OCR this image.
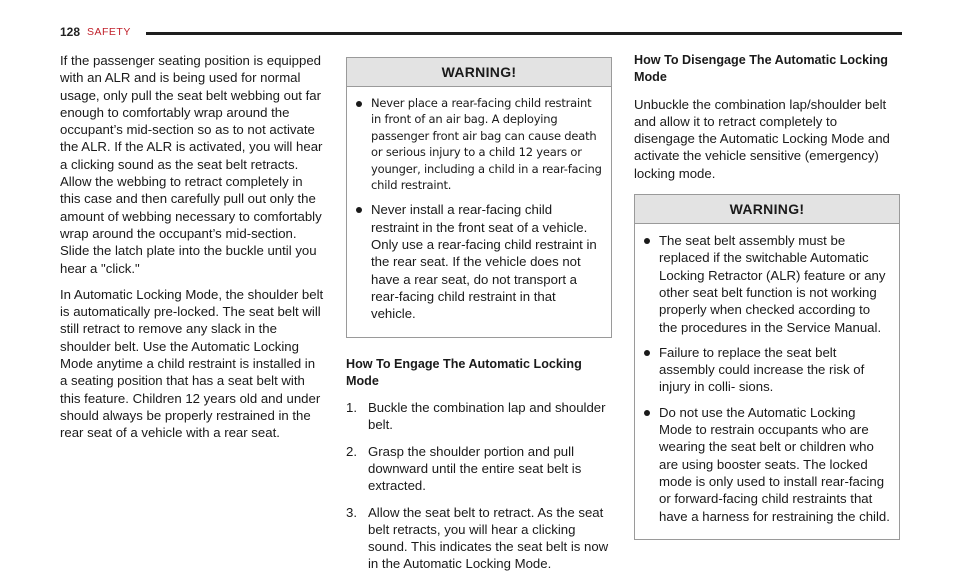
128 SAFETY

If the passenger seating position is equipped with an ALR and is being used for normal usage, only pull the seat belt webbing out far enough to comfortably wrap around the occupant’s mid-section so as to not activate the ALR. If the ALR is activated, you will hear a clicking sound as the seat belt retracts. Allow the webbing to retract completely in this case and then carefully pull out only the amount of webbing necessary to comfortably wrap around the occupant’s mid-section. Slide the latch plate into the buckle until you hear a "click."

In Automatic Locking Mode, the shoulder belt is automatically pre-locked. The seat belt will still retract to remove any slack in the shoulder belt. Use the Automatic Locking Mode anytime a child restraint is installed in a seating position that has a seat belt with this feature. Children 12 years old and under should always be properly restrained in the rear seat of a vehicle with a rear seat.

WARNING!
Never place a rear-facing child restraint in front of an air bag. A deploying passenger front air bag can cause death or serious injury to a child 12 years or younger, including a child in a rear-facing child restraint.
Never install a rear-facing child restraint in the front seat of a vehicle. Only use a rear-facing child restraint in the rear seat. If the vehicle does not have a rear seat, do not transport a rear-facing child restraint in that vehicle.
How To Engage The Automatic Locking Mode
1. Buckle the combination lap and shoulder belt.
2. Grasp the shoulder portion and pull downward until the entire seat belt is extracted.
3. Allow the seat belt to retract. As the seat belt retracts, you will hear a clicking sound. This indicates the seat belt is now in the Automatic Locking Mode.
How To Disengage The Automatic Locking Mode

Unbuckle the combination lap/shoulder belt and allow it to retract completely to disengage the Automatic Locking Mode and activate the vehicle sensitive (emergency) locking mode.

WARNING!
The seat belt assembly must be replaced if the switchable Automatic Locking Retractor (ALR) feature or any other seat belt function is not working properly when checked according to the procedures in the Service Manual.
Failure to replace the seat belt assembly could increase the risk of injury in colli- sions.
Do not use the Automatic Locking Mode to restrain occupants who are wearing the seat belt or children who are using booster seats. The locked mode is only used to install rear-facing or forward-facing child restraints that have a harness for restraining the child.
